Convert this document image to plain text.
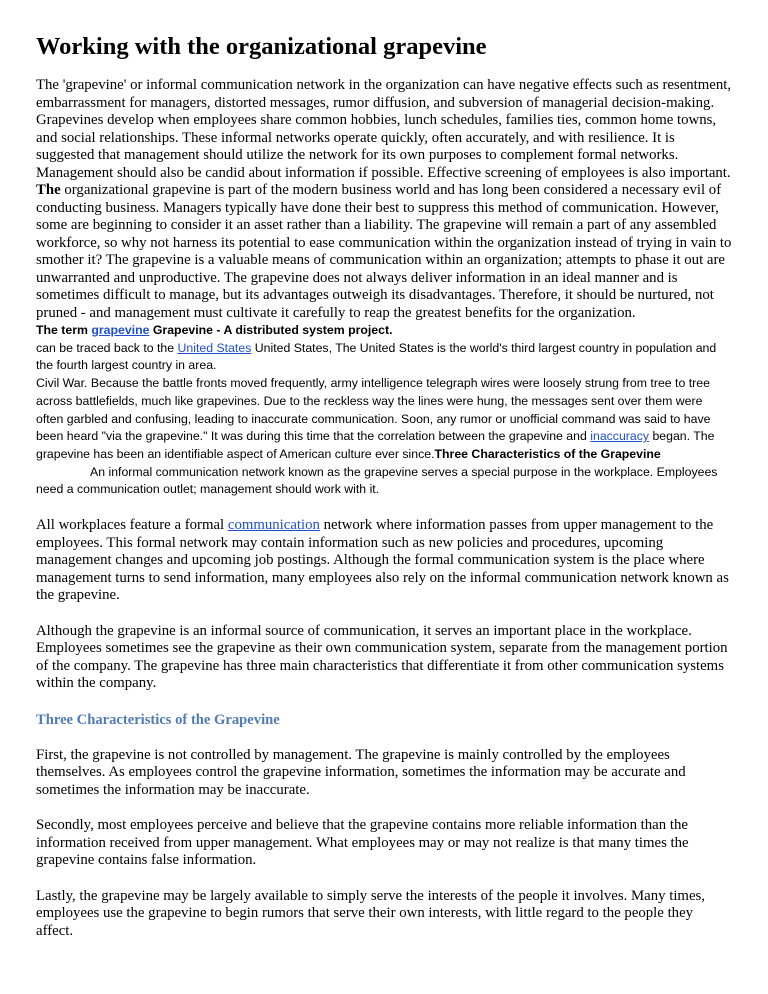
Working with the organizational grapevine

The 'grapevine' or informal communication network in the organization can have negative effects such as resentment, embarrassment for managers, distorted messages, rumor diffusion, and subversion of managerial decision-making. Grapevines develop when employees share common hobbies, lunch schedules, families ties, common home towns, and social relationships. These informal networks operate quickly, often accurately, and with resilience. It is suggested that management should utilize the network for its own purposes to complement formal networks. Management should also be candid about information if possible. Effective screening of employees is also important. The organizational grapevine is part of the modern business world and has long been considered a necessary evil of conducting business. Managers typically have done their best to suppress this method of communication. However, some are beginning to consider it an asset rather than a liability. The grapevine will remain a part of any assembled workforce, so why not harness its potential to ease communication within the organization instead of trying in vain to smother it? The grapevine is a valuable means of communication within an organization; attempts to phase it out are unwarranted and unproductive. The grapevine does not always deliver information in an ideal manner and is sometimes difficult to manage, but its advantages outweigh its disadvantages. Therefore, it should be nurtured, not pruned - and management must cultivate it carefully to reap the greatest benefits for the organization.

The term grapevine Grapevine - A distributed system project.

can be traced back to the United States United States, The United States is the world's third largest country in population and the fourth largest country in area.

Civil War. Because the battle fronts moved frequently, army intelligence telegraph wires were loosely strung from tree to tree across battlefields, much like grapevines. Due to the reckless way the lines were hung, the messages sent over them were often garbled and confusing, leading to inaccurate communication. Soon, any rumor or unofficial command was said to have been heard "via the grapevine." It was during this time that the correlation between the grapevine and inaccuracy began. The grapevine has been an identifiable aspect of American culture ever since.Three Characteristics of the Grapevine
An informal communication network known as the grapevine serves a special purpose in the workplace. Employees need a communication outlet; management should work with it.

All workplaces feature a formal communication network where information passes from upper management to the employees. This formal network may contain information such as new policies and procedures, upcoming management changes and upcoming job postings. Although the formal communication system is the place where management turns to send information, many employees also rely on the informal communication network known as the grapevine.

Although the grapevine is an informal source of communication, it serves an important place in the workplace. Employees sometimes see the grapevine as their own communication system, separate from the management portion of the company. The grapevine has three main characteristics that differentiate it from other communication systems within the company.

Three Characteristics of the Grapevine

First, the grapevine is not controlled by management. The grapevine is mainly controlled by the employees themselves. As employees control the grapevine information, sometimes the information may be accurate and sometimes the information may be inaccurate.

Secondly, most employees perceive and believe that the grapevine contains more reliable information than the information received from upper management. What employees may or may not realize is that many times the grapevine contains false information.

Lastly, the grapevine may be largely available to simply serve the interests of the people it involves. Many times, employees use the grapevine to begin rumors that serve their own interests, with little regard to the people they affect.
